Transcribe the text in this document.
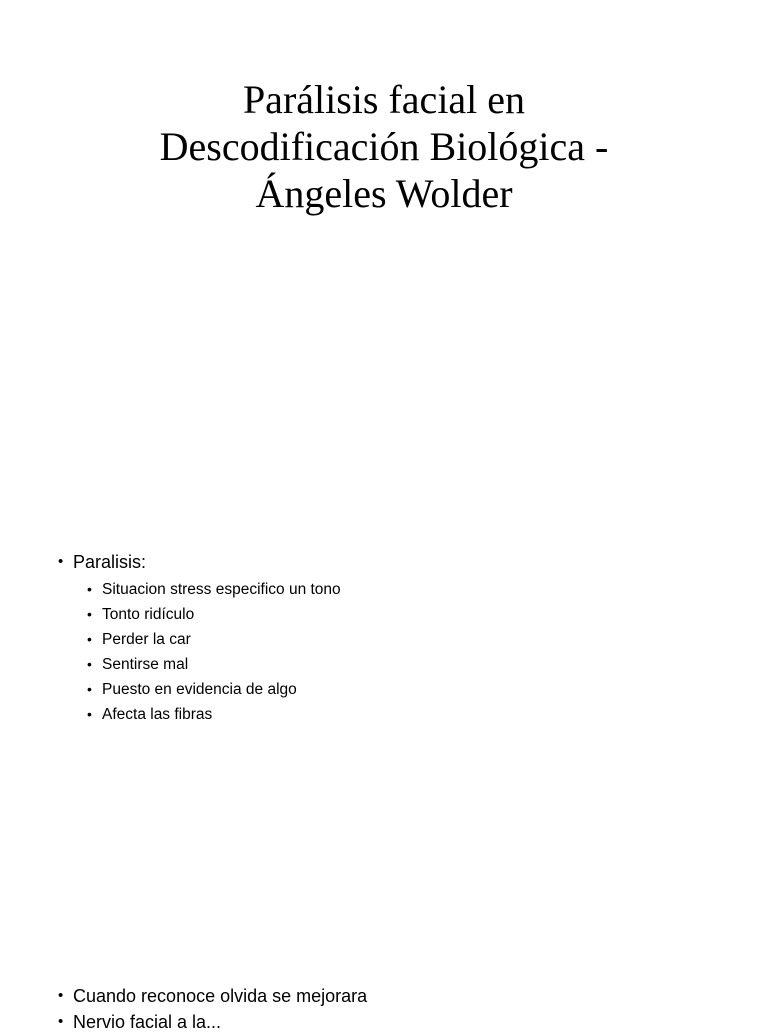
Parálisis facial en
Descodificación Biológica -
Ángeles Wolder
• Paralisis:
• Situacion stress especifico un tono
• Tonto ridículo
• Perder la car
• Sentirse mal
• Puesto en evidencia de algo
• Afecta las fibras
• Cuando reconoce olvida se mejorara
• Nervio facial a la...
